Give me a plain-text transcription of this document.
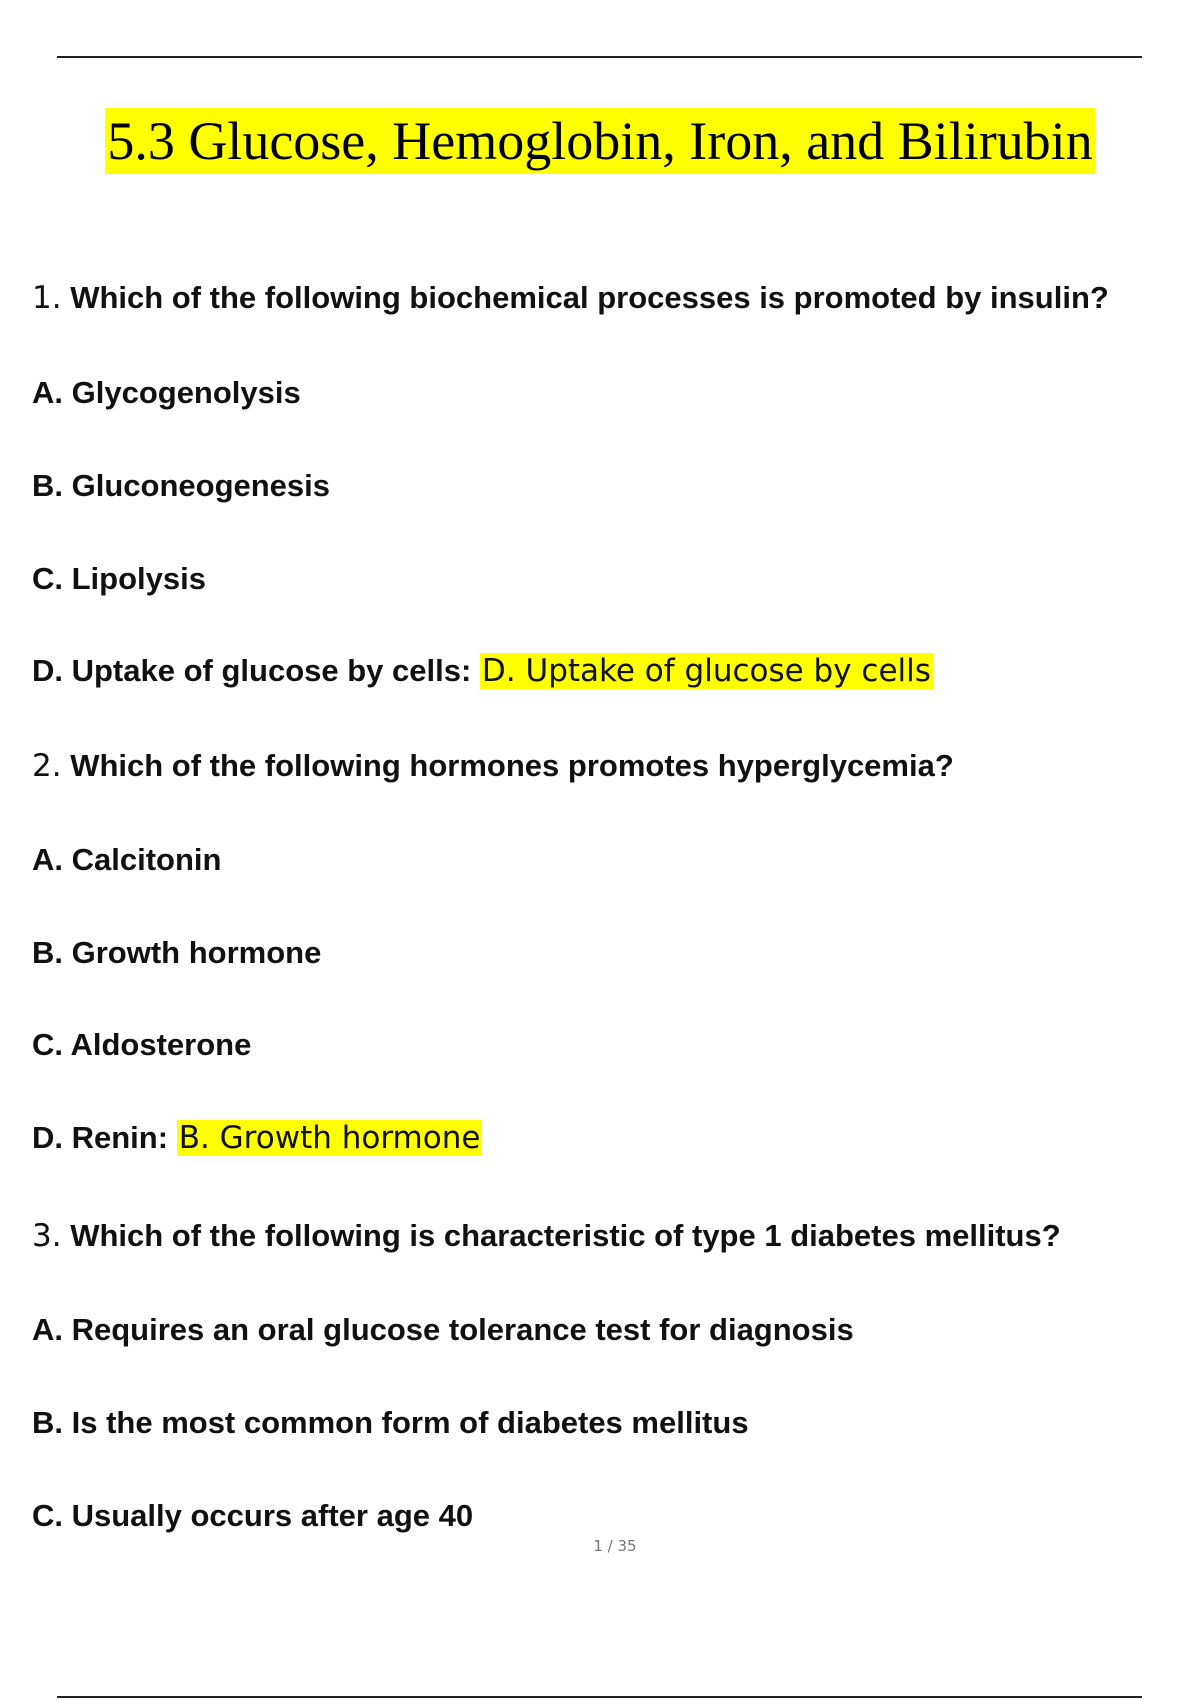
5.3 Glucose, Hemoglobin, Iron, and Bilirubin
1. Which of the following biochemical processes is promoted by insulin?
A. Glycogenolysis
B. Gluconeogenesis
C. Lipolysis
D. Uptake of glucose by cells: D. Uptake of glucose by cells
2. Which of the following hormones promotes hyperglycemia?
A. Calcitonin
B. Growth hormone
C. Aldosterone
D. Renin: B. Growth hormone
3. Which of the following is characteristic of type 1 diabetes mellitus?
A. Requires an oral glucose tolerance test for diagnosis
B. Is the most common form of diabetes mellitus
C. Usually occurs after age 40
1 / 35
